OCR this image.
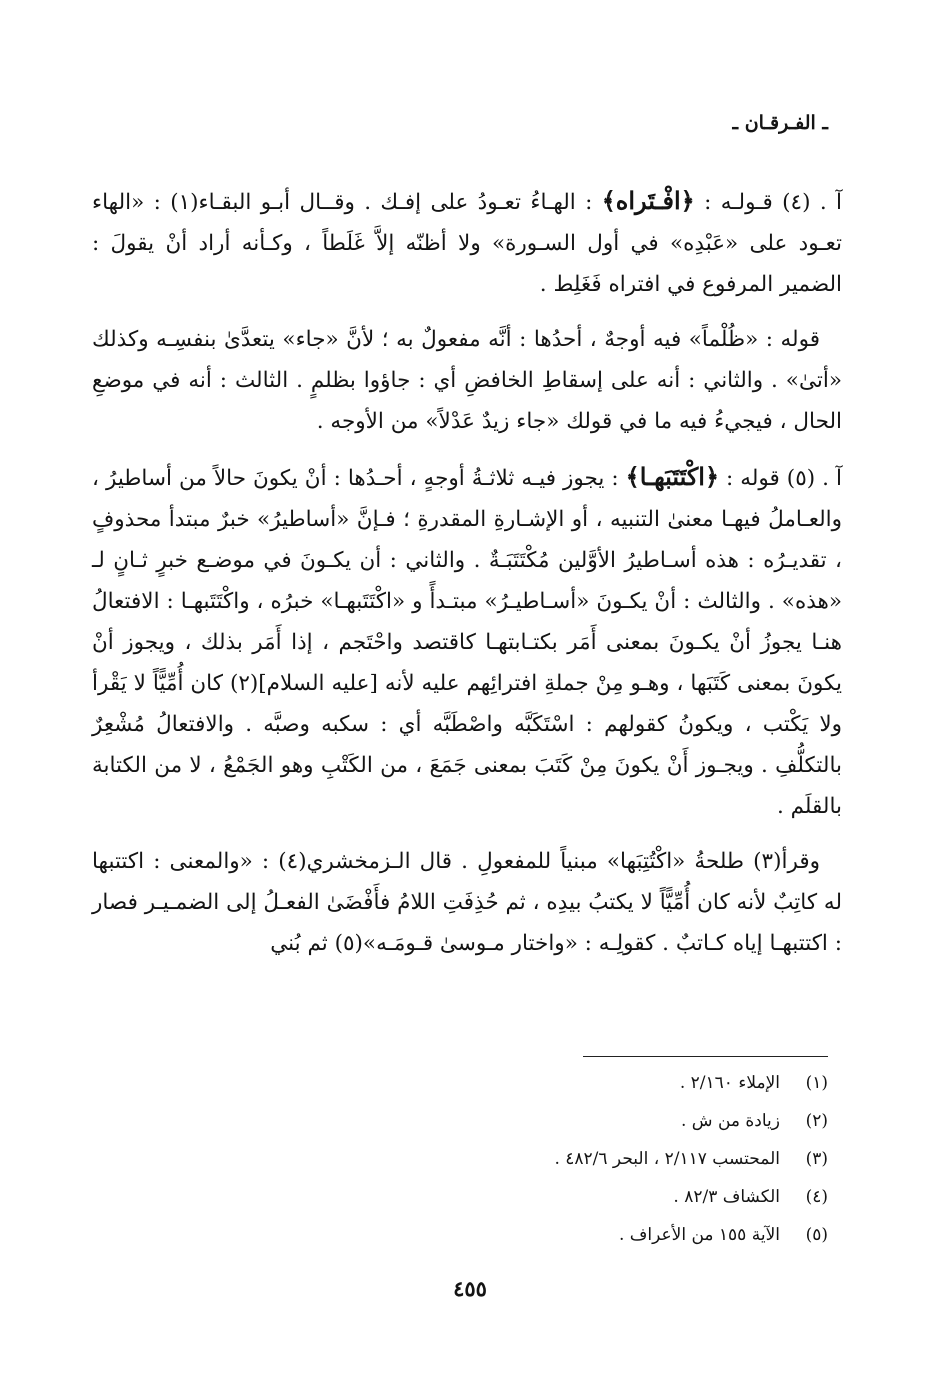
ـ الفـرقـان ـ

آ . (٤) قـولـه : ﴿افْـتَراه﴾ : الهـاءُ تعـودُ على إفـك . وقــال أبـو البقـاء(١) : «الهاء تعـود على «عَبْدِه» في أول السـورة» ولا أظنّه إلاَّ غَلَطاً ، وكـأنه أراد أنْ يقولَ : الضمير المرفوع في افتراه فَغَلِط .

قوله : «ظُلْماً» فيه أوجهٌ ، أحدُها : أنَّه مفعولٌ به ؛ لأنَّ «جاء» يتعدَّىٰ بنفسِـه وكذلك «أتىٰ» . والثاني : أنه على إسقاطِ الخافضِ أي : جاؤوا بظلمٍ . الثالث : أنه في موضعِ الحال ، فيجيءُ فيه ما في قولك «جاء زيدٌ عَدْلاً» من الأوجه .

آ . (٥) قوله : ﴿اكْتَتَبَهـا﴾ : يجوز فيـه ثلاثـةُ أوجهٍ ، أحـدُها : أنْ يكونَ حالاً من أساطيرُ ، والعـاملُ فيهـا معنىٰ التنبيه ، أو الإشـارةِ المقدرةِ ؛ فـإنَّ «أساطيرُ» خبرٌ مبتدأ محذوفٍ ، تقديـرُه : هذه أسـاطيرُ الأوَّلين مُكْتَتَبَـةٌ . والثاني : أن يكـونَ في موضـع خبرٍ ثـانٍ لـ «هذه» . والثالث : أنْ يكـونَ «أسـاطيـرُ» مبتـدأً و «اكْتَتَبهـا» خبرُه ، واكْتَتَبهـا : الافتعالُ هنـا يجوزُ أنْ يكـونَ بمعنى أَمَر بكتـابتهـا كاقتصد واحْتَجم ، إذا أَمَر بذلك ، ويجوز أنْ يكونَ بمعنى كَتَبَها ، وهـو مِنْ جملةِ افترائِهم عليه لأنه [عليه السلام](٢) كان أُمِّيًّاً لا يَقْرأ ولا يَكْتب ، ويكونُ كقولهم : اسْتَكَبَّه واصْطَبَّه أي : سكبه وصبَّه . والافتعالُ مُشْعِرٌ بالتكلُّفِ . ويجـوز أَنْ يكونَ مِنْ كَتَبَ بمعنى جَمَعَ ، من الكَتْبِ وهو الجَمْعُ ، لا من الكتابة بالقلَم .

وقرأ(٣) طلحةُ «اكْتُتِبَها» مبنياً للمفعولِ . قال الـزمخشري(٤) : «والمعنى : اكتتبها له كاتِبٌ لأنه كان أُمِّيًّاً لا يكتبُ بيدِه ، ثم حُذِفَتِ اللامُ فأَفْضَىٰ الفعـلُ إلى الضمـيـر فصار : اكتتبهـا إياه كـاتبٌ . كقولِـه : «واختار مـوسىٰ قـومَـه»(٥) ثم بُني

(١)
الإملاء ٢/١٦٠ .
(٢)
زيادة من ش .
(٣)
المحتسب ٢/١١٧ ، البحر ٤٨٢/٦ .
(٤)
الكشاف ٨٢/٣ .
(٥)
الآية ١٥٥ من الأعراف .
٤٥٥
